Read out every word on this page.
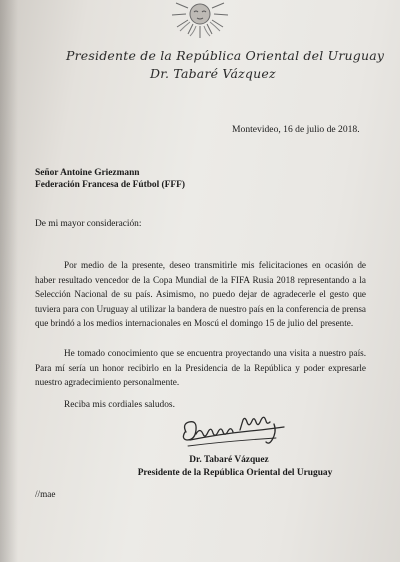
Presidente de la República Oriental del Uruguay
Dr. Tabaré Vázquez
Montevideo, 16 de julio de 2018.
Señor Antoine Griezmann
Federación Francesa de Fútbol (FFF)
De mi mayor consideración:
Por medio de la presente, deseo transmitirle mis felicitaciones en ocasión de haber resultado vencedor de la Copa Mundial de la FIFA Rusia 2018 representando a la Selección Nacional de su país. Asimismo, no puedo dejar de agradecerle el gesto que tuviera para con Uruguay al utilizar la bandera de nuestro país en la conferencia de prensa que brindó a los medios internacionales en Moscú el domingo 15 de julio del presente.
He tomado conocimiento que se encuentra proyectando una visita a nuestro país. Para mí sería un honor recibirlo en la Presidencia de la República y poder expresarle nuestro agradecimiento personalmente.
Reciba mis cordiales saludos.
Dr. Tabaré Vázquez
Presidente de la República Oriental del Uruguay
//mae
